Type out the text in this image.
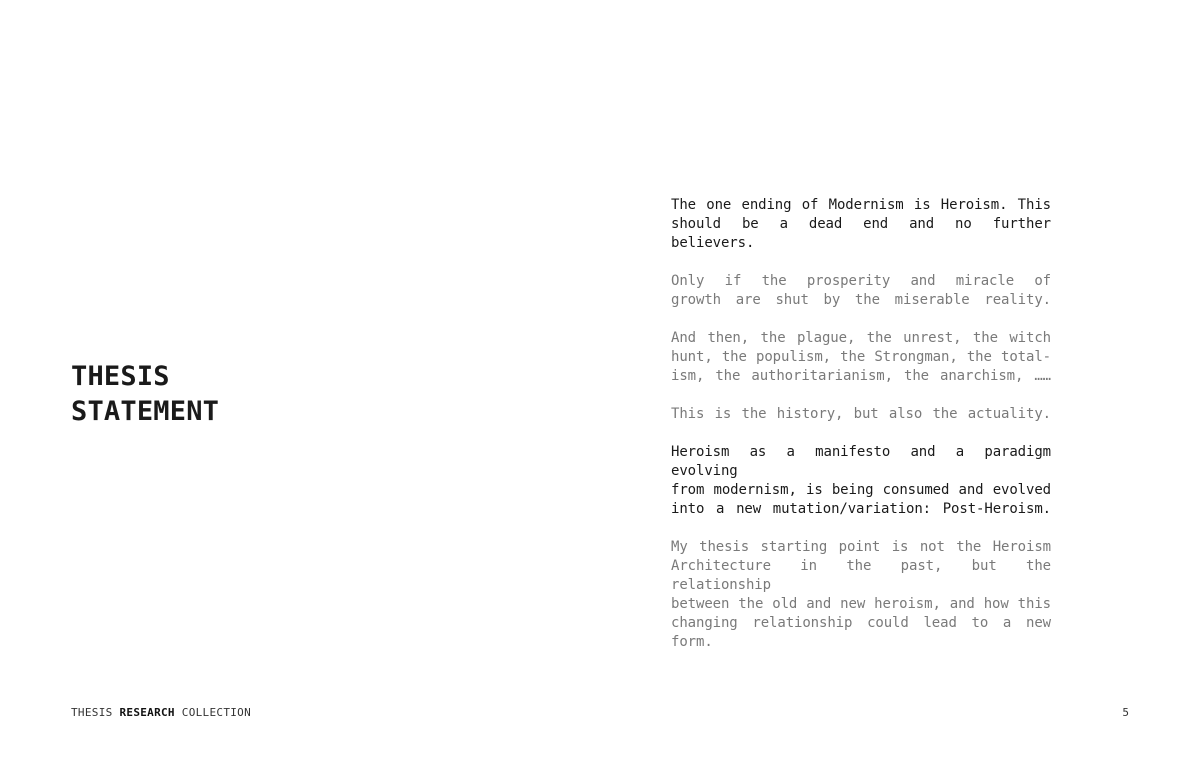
THESIS
STATEMENT

The one ending of Modernism is Heroism. This
should be a dead end and no further believers.

Only if the prosperity and miracle of
growth are shut by the miserable reality.

And then, the plague, the unrest, the witch
hunt, the populism, the Strongman, the total-
ism, the authoritarianism, the anarchism, ……

This is the history, but also the actuality.

Heroism as a manifesto and a paradigm evolving
from modernism, is being consumed and evolved
into a new mutation/variation: Post-Heroism.

My thesis starting point is not the Heroism
Architecture in the past, but the relationship
between the old and new heroism, and how this
changing relationship could lead to a new form.

THESIS RESEARCH COLLECTION	5
